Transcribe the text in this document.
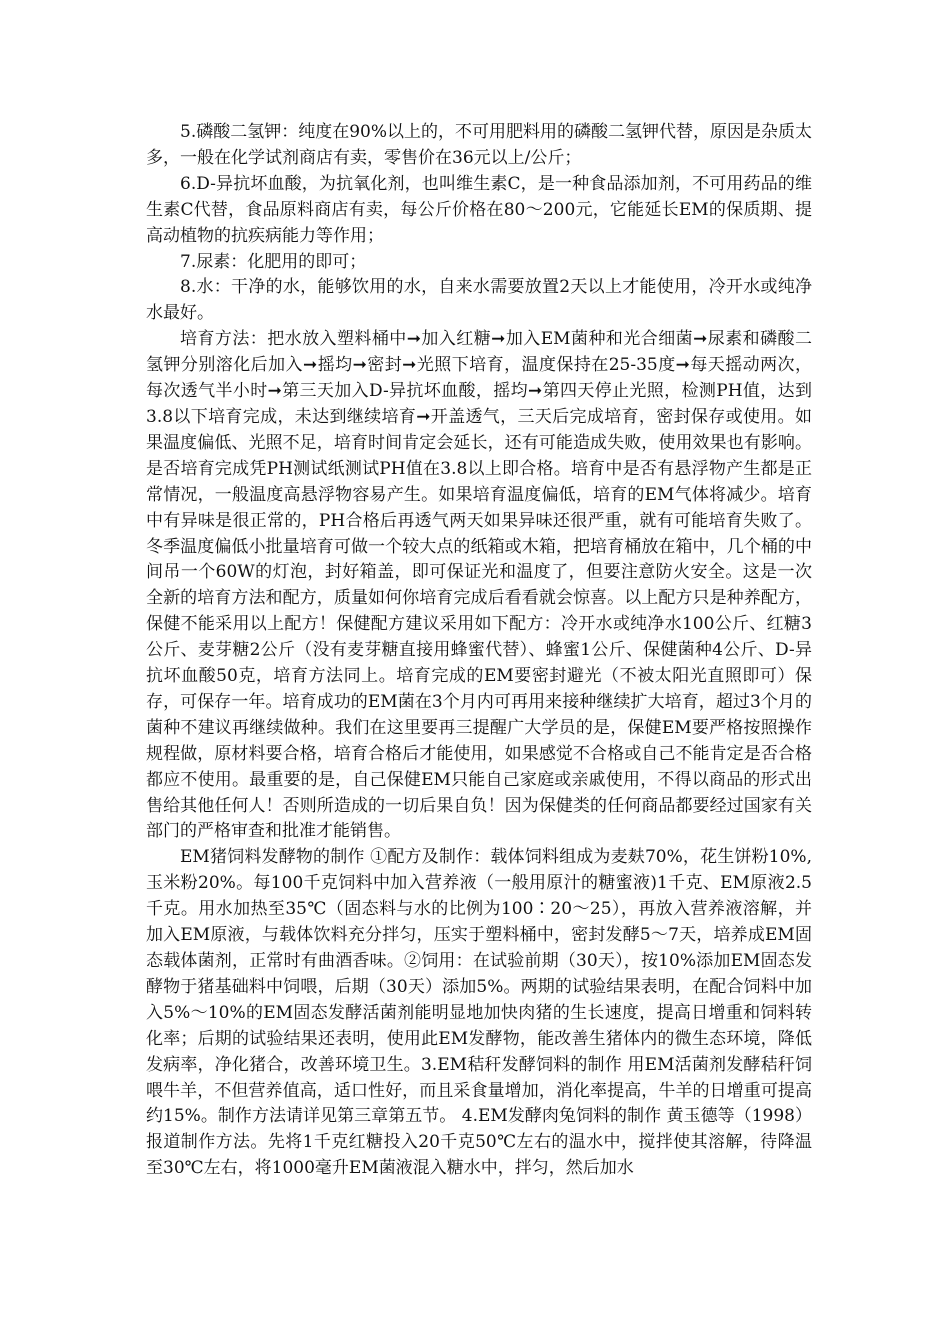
5.磷酸二氢钾：纯度在90%以上的，不可用肥料用的磷酸二氢钾代替，原因是杂质太多，一般在化学试剂商店有卖，零售价在36元以上/公斤；

6.D-异抗坏血酸，为抗氧化剂，也叫维生素C，是一种食品添加剂，不可用药品的维生素C代替，食品原料商店有卖，每公斤价格在80～200元，它能延长EM的保质期、提高动植物的抗疾病能力等作用；

7.尿素：化肥用的即可；

8.水：干净的水，能够饮用的水，自来水需要放置2天以上才能使用，冷开水或纯净水最好。

培育方法：把水放入塑料桶中➞加入红糖➞加入EM菌种和光合细菌➞尿素和磷酸二氢钾分别溶化后加入➞摇均➞密封➞光照下培育，温度保持在25-35度➞每天摇动两次，每次透气半小时➞第三天加入D-异抗坏血酸，摇均➞第四天停止光照，检测PH值，达到3.8以下培育完成，未达到继续培育➞开盖透气，三天后完成培育，密封保存或使用。如果温度偏低、光照不足，培育时间肯定会延长，还有可能造成失败，使用效果也有影响。是否培育完成凭PH测试纸测试PH值在3.8以上即合格。培育中是否有悬浮物产生都是正常情况，一般温度高悬浮物容易产生。如果培育温度偏低，培育的EM气体将减少。培育中有异味是很正常的，PH合格后再透气两天如果异味还很严重，就有可能培育失败了。冬季温度偏低小批量培育可做一个较大点的纸箱或木箱，把培育桶放在箱中，几个桶的中间吊一个60W的灯泡，封好箱盖，即可保证光和温度了，但要注意防火安全。这是一次全新的培育方法和配方，质量如何你培育完成后看看就会惊喜。以上配方只是种养配方，保健不能采用以上配方！保健配方建议采用如下配方：冷开水或纯净水100公斤、红糖3公斤、麦芽糖2公斤（没有麦芽糖直接用蜂蜜代替）、蜂蜜1公斤、保健菌种4公斤、D-异抗坏血酸50克，培育方法同上。培育完成的EM要密封避光（不被太阳光直照即可）保存，可保存一年。培育成功的EM菌在3个月内可再用来接种继续扩大培育，超过3个月的菌种不建议再继续做种。我们在这里要再三提醒广大学员的是，保健EM要严格按照操作规程做，原材料要合格，培育合格后才能使用，如果感觉不合格或自己不能肯定是否合格都应不使用。最重要的是，自己保健EM只能自己家庭或亲戚使用，不得以商品的形式出售给其他任何人！否则所造成的一切后果自负！因为保健类的任何商品都要经过国家有关部门的严格审查和批准才能销售。

EM猪饲料发酵物的制作 ①配方及制作：载体饲料组成为麦麸70%，花生饼粉10%,玉米粉20%。每100千克饲料中加入营养液（一般用原汁的糖蜜液)1千克、EM原液2.5千克。用水加热至35℃（固态料与水的比例为100∶20～25），再放入营养液溶解，并加入EM原液，与载体饮料充分拌匀，压实于塑料桶中，密封发酵5～7天，培养成EM固态载体菌剂，正常时有曲酒香味。②饲用：在试验前期（30天），按10%添加EM固态发酵物于猪基础料中饲喂，后期（30天）添加5%。两期的试验结果表明，在配合饲料中加入5%～10%的EM固态发酵活菌剂能明显地加快肉猪的生长速度，提高日增重和饲料转化率；后期的试验结果还表明，使用此EM发酵物，能改善生猪体内的微生态环境，降低发病率，净化猪合，改善环境卫生。3.EM秸秆发酵饲料的制作 用EM活菌剂发酵秸秆饲喂牛羊，不但营养值高，适口性好，而且采食量增加，消化率提高，牛羊的日增重可提高约15%。制作方法请详见第三章第五节。 4.EM发酵肉兔饲料的制作 黄玉德等（1998）报道制作方法。先将1千克红糖投入20千克50℃左右的温水中，搅拌使其溶解，待降温至30℃左右，将1000毫升EM菌液混入糖水中，拌匀，然后加水
